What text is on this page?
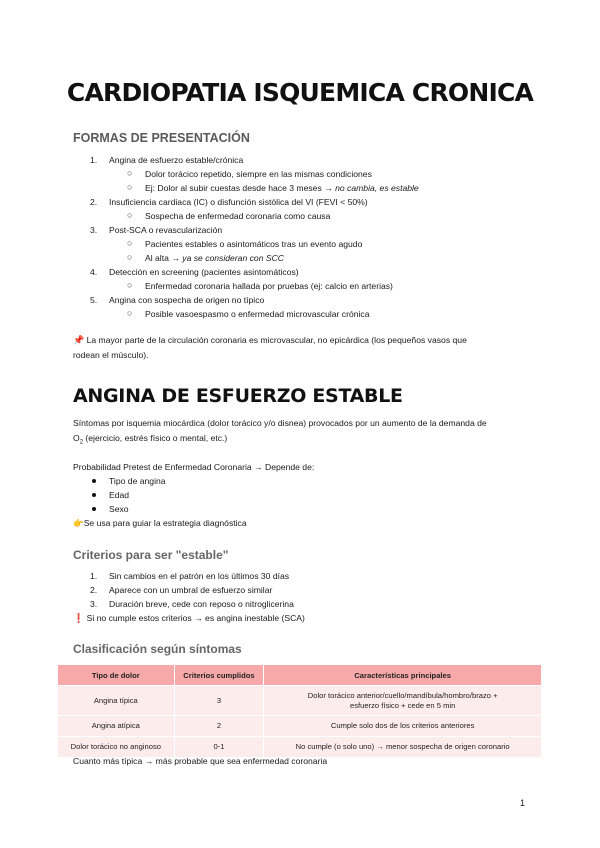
CARDIOPATIA ISQUEMICA CRONICA
FORMAS DE PRESENTACIÓN
1. Angina de esfuerzo estable/crónica
○ Dolor torácico repetido, siempre en las mismas condiciones
○ Ej: Dolor al subir cuestas desde hace 3 meses → no cambia, es estable
2. Insuficiencia cardiaca (IC) o disfunción sistólica del VI (FEVI < 50%)
○ Sospecha de enfermedad coronaria como causa
3. Post-SCA o revascularización
○ Pacientes estables o asintomáticos tras un evento agudo
○ Al alta → ya se consideran con SCC
4. Detección en screening (pacientes asintomáticos)
○ Enfermedad coronaria hallada por pruebas (ej: calcio en arterias)
5. Angina con sospecha de origen no típico
○ Posible vasoespasmo o enfermedad microvascular crónica
📌 La mayor parte de la circulación coronaria es microvascular, no epicárdica (los pequeños vasos que
rodean el músculo).
ANGINA DE ESFUERZO ESTABLE
Síntomas por isquemia miocárdica (dolor torácico y/o disnea) provocados por un aumento de la demanda de
$O_2$ (ejercicio, estrés físico o mental, etc.)
Probabilidad Pretest de Enfermedad Coronaria → Depende de:
Tipo de angina
Edad
Sexo
👉Se usa para guiar la estrategia diagnóstica
Criterios para ser "estable"
1. Sin cambios en el patrón en los últimos 30 días
2. Aparece con un umbral de esfuerzo similar
3. Duración breve, cede con reposo o nitroglicerina
❗ Si no cumple estos criterios → es angina inestable (SCA)
Clasificación según síntomas
Tipo de dolor	Criterios cumplidos	Características principales
Angina típica	3	Dolor torácico anterior/cuello/mandíbula/hombro/brazo + esfuerzo físico + cede en 5 min
Angina atípica	2	Cumple solo dos de los criterios anteriores
Dolor torácico no anginoso	0-1	No cumple (o solo uno) → menor sospecha de origen coronario
Cuanto más típica → más probable que sea enfermedad coronaria
1
